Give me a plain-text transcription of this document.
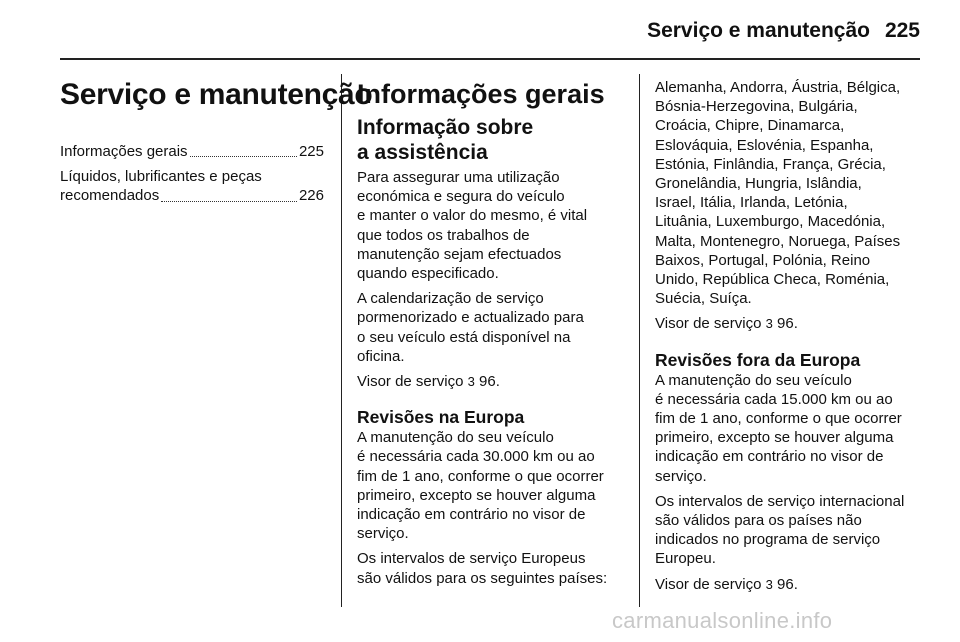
Serviço e manutenção 225
Serviço e manutenção
Informações gerais	225
Líquidos, lubrificantes e peças
recomendados	226
Informações gerais
Informação sobre
a assistência

Para assegurar uma utilização
económica e segura do veículo
e manter o valor do mesmo, é vital
que todos os trabalhos de
manutenção sejam efectuados
quando especificado.

A calendarização de serviço
pormenorizado e actualizado para
o seu veículo está disponível na
oficina.

Visor de serviço 3 96.

Revisões na Europa

A manutenção do seu veículo
é necessária cada 30.000 km ou ao
fim de 1 ano, conforme o que ocorrer
primeiro, excepto se houver alguma
indicação em contrário no visor de
serviço.

Os intervalos de serviço Europeus
são válidos para os seguintes países:

Alemanha, Andorra, Áustria, Bélgica,
Bósnia-Herzegovina, Bulgária,
Croácia, Chipre, Dinamarca,
Eslováquia, Eslovénia, Espanha,
Estónia, Finlândia, França, Grécia,
Gronelândia, Hungria, Islândia,
Israel, Itália, Irlanda, Letónia,
Lituânia, Luxemburgo, Macedónia,
Malta, Montenegro, Noruega, Países
Baixos, Portugal, Polónia, Reino
Unido, República Checa, Roménia,
Suécia, Suíça.

Visor de serviço 3 96.

Revisões fora da Europa

A manutenção do seu veículo
é necessária cada 15.000 km ou ao
fim de 1 ano, conforme o que ocorrer
primeiro, excepto se houver alguma
indicação em contrário no visor de
serviço.

Os intervalos de serviço internacional
são válidos para os países não
indicados no programa de serviço
Europeu.

Visor de serviço 3 96.

carmanualsonline.info
